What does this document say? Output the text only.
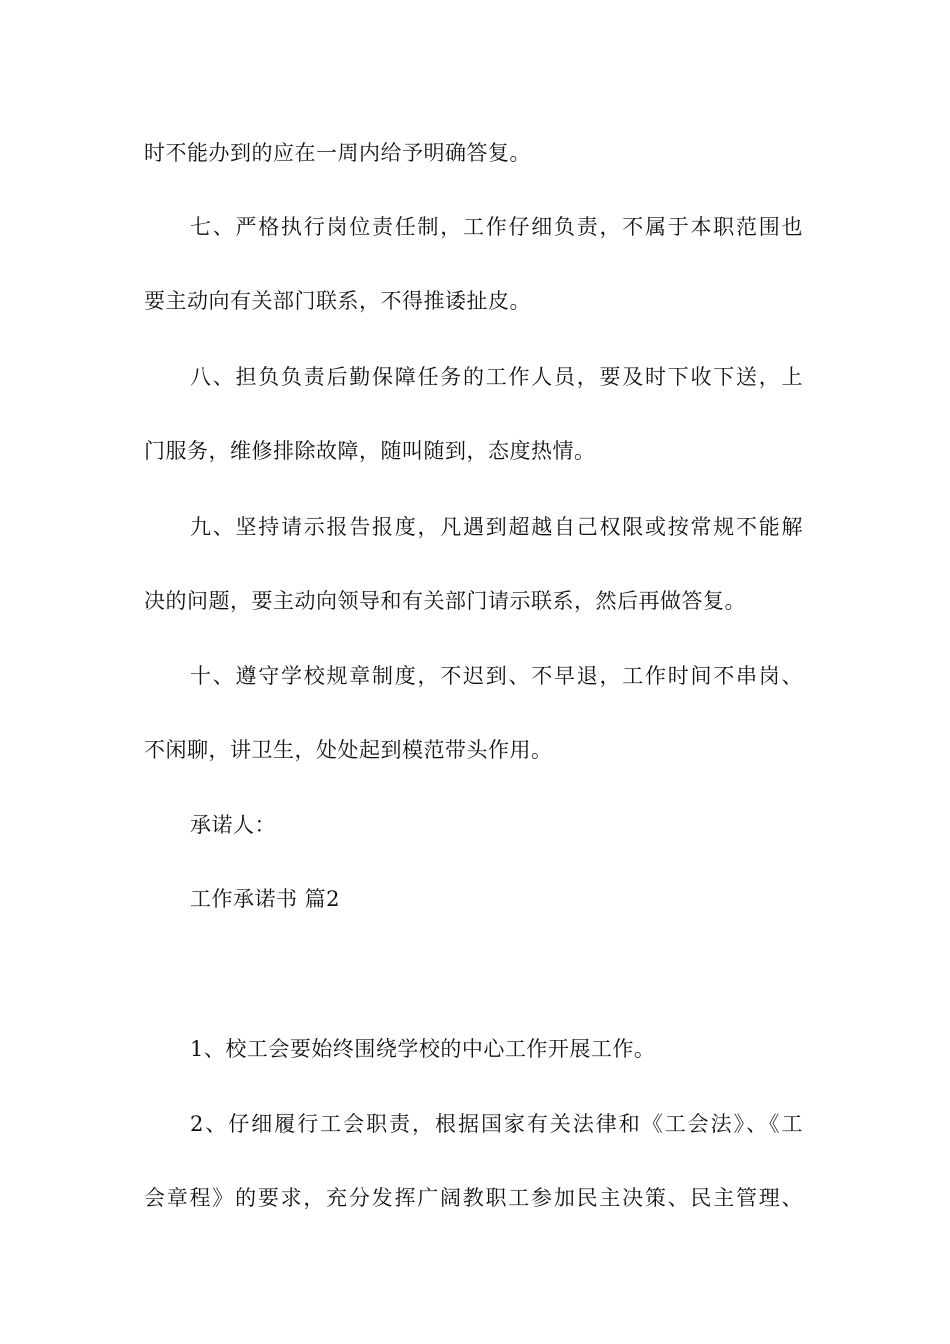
时不能办到的应在一周内给予明确答复。
七、严格执行岗位责任制，工作仔细负责，不属于本职范围也
要主动向有关部门联系，不得推诿扯皮。
八、担负负责后勤保障任务的工作人员，要及时下收下送，上
门服务，维修排除故障，随叫随到，态度热情。
九、坚持请示报告报度，凡遇到超越自己权限或按常规不能解
决的问题，要主动向领导和有关部门请示联系，然后再做答复。
十、遵守学校规章制度，不迟到、不早退，工作时间不串岗、
不闲聊，讲卫生，处处起到模范带头作用。
承诺人：
工作承诺书 篇2
1、校工会要始终围绕学校的中心工作开展工作。
2、仔细履行工会职责，根据国家有关法律和《工会法》、《工
会章程》的要求，充分发挥广阔教职工参加民主决策、民主管理、
